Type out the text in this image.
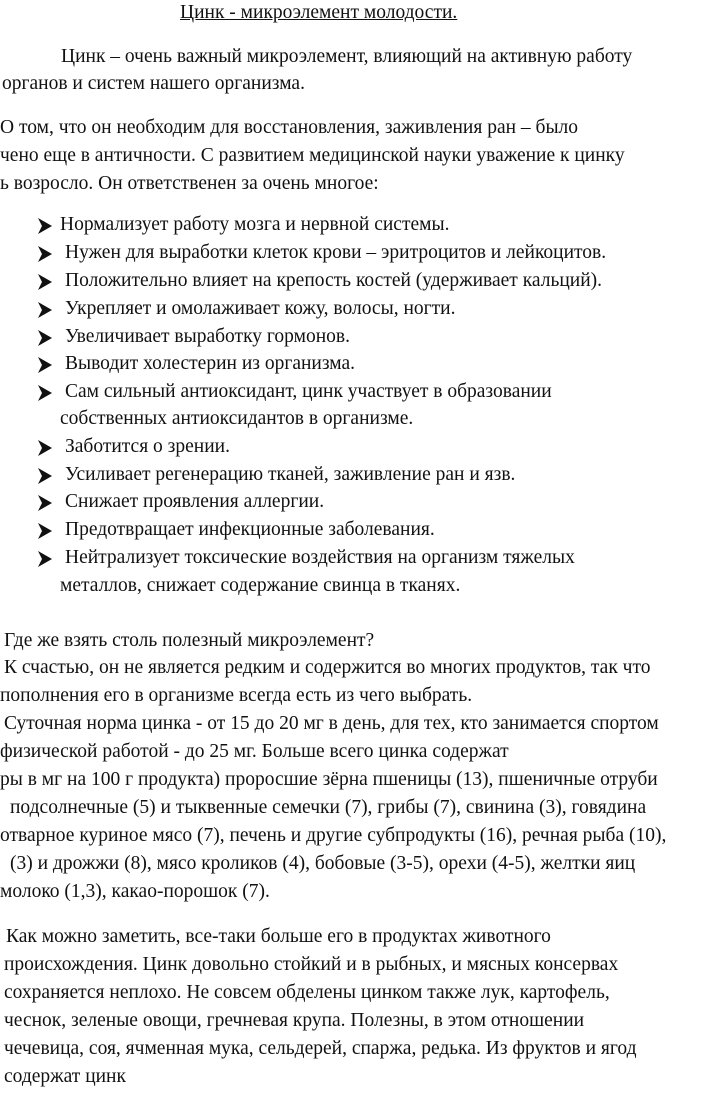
Цинк - микроэлемент молодости.
Цинк – очень важный микроэлемент, влияющий на активную работу
органов и систем нашего организма.
О том, что он необходим для восстановления, заживления ран – было
чено еще в античности. С развитием медицинской науки уважение к цинку
ь возросло. Он ответственен за очень многое:
Нормализует работу мозга и нервной системы.
Нужен для выработки клеток крови – эритроцитов и лейкоцитов.
Положительно влияет на крепость костей (удерживает кальций).
Укрепляет и омолаживает кожу, волосы, ногти.
Увеличивает выработку гормонов.
Выводит холестерин из организма.
Сам сильный антиоксидант, цинк участвует в образовании
собственных антиоксидантов в организме.
Заботится о зрении.
Усиливает регенерацию тканей, заживление ран и язв.
Снижает проявления аллергии.
Предотвращает инфекционные заболевания.
Нейтрализует токсические воздействия на организм тяжелых
металлов, снижает содержание свинца в тканях.
Где же взять столь полезный микроэлемент?
К счастью, он не является редким и содержится во многих продуктов, так что
пополнения его в организме всегда есть из чего выбрать.
Суточная норма цинка - от 15 до 20 мг в день, для тех, кто занимается спортом
физической работой - до 25 мг. Больше всего цинка содержат
ры в мг на 100 г продукта) проросшие зёрна пшеницы (13), пшеничные отруби
подсолнечные (5) и тыквенные семечки (7), грибы (7), свинина (3), говядина
отварное куриное мясо (7), печень и другие субпродукты (16), речная рыба (10),
(3) и дрожжи (8), мясо кроликов (4), бобовые (3-5), орехи (4-5), желтки яиц
молоко (1,3), какао-порошок (7).
Как можно заметить, все-таки больше его в продуктах животного
происхождения. Цинк довольно стойкий и в рыбных, и мясных консервах
сохраняется неплохо. Не совсем обделены цинком также лук, картофель,
чеснок, зеленые овощи, гречневая крупа. Полезны, в этом отношении
чечевица, соя, ячменная мука, сельдерей, спаржа, редька. Из фруктов и ягод
содержат цинк
